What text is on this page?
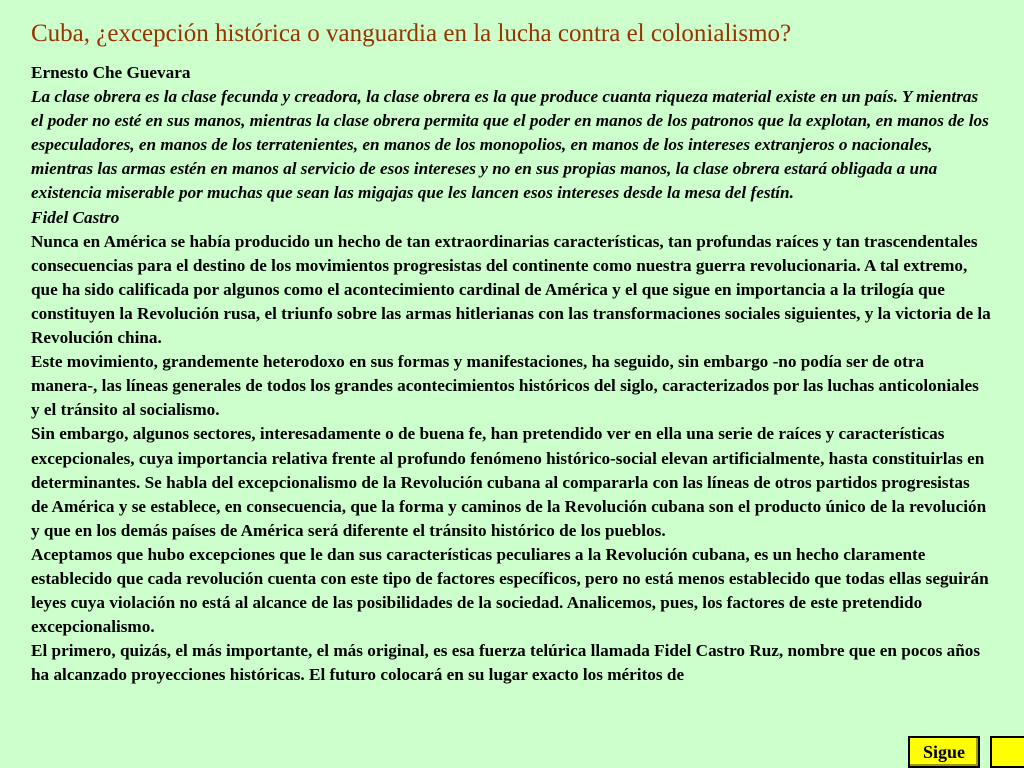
Cuba, ¿excepción histórica o vanguardia en la lucha contra el colonialismo?

Ernesto Che Guevara

La clase obrera es la clase fecunda y creadora, la clase obrera es la que produce cuanta riqueza material existe en un país. Y mientras el poder no esté en sus manos, mientras la clase obrera permita que el poder en manos de los patronos que la explotan, en manos de los especuladores, en manos de los terratenientes, en manos de los monopolios, en manos de los intereses extranjeros o nacionales, mientras las armas estén en manos al servicio de esos intereses y no en sus propias manos, la clase obrera estará obligada a una existencia miserable por muchas que sean las migajas que les lancen esos intereses desde la mesa del festín.

Fidel Castro

Nunca en América se había producido un hecho de tan extraordinarias características, tan profundas raíces y tan trascendentales consecuencias para el destino de los movimientos progresistas del continente como nuestra guerra revolucionaria. A tal extremo, que ha sido calificada por algunos como el acontecimiento cardinal de América y el que sigue en importancia a la trilogía que constituyen la Revolución rusa, el triunfo sobre las armas hitlerianas con las transformaciones sociales siguientes, y la victoria de la Revolución china.

Este movimiento, grandemente heterodoxo en sus formas y manifestaciones, ha seguido, sin embargo -no podía ser de otra manera-, las líneas generales de todos los grandes acontecimientos históricos del siglo, caracterizados por las luchas anticoloniales y el tránsito al socialismo.

Sin embargo, algunos sectores, interesadamente o de buena fe, han pretendido ver en ella una serie de raíces y características excepcionales, cuya importancia relativa frente al profundo fenómeno histórico-social elevan artificialmente, hasta constituirlas en determinantes. Se habla del excepcionalismo de la Revolución cubana al compararla con las líneas de otros partidos progresistas de América y se establece, en consecuencia, que la forma y caminos de la Revolución cubana son el producto único de la revolución y que en los demás países de América será diferente el tránsito histórico de los pueblos.

Aceptamos que hubo excepciones que le dan sus características peculiares a la Revolución cubana, es un hecho claramente establecido que cada revolución cuenta con este tipo de factores específicos, pero no está menos establecido que todas ellas seguirán leyes cuya violación no está al alcance de las posibilidades de la sociedad. Analicemos, pues, los factores de este pretendido excepcionalismo.

El primero, quizás, el más importante, el más original, es esa fuerza telúrica llamada Fidel Castro Ruz, nombre que en pocos años ha alcanzado proyecciones históricas. El futuro colocará en su lugar exacto los méritos de

Sigue
